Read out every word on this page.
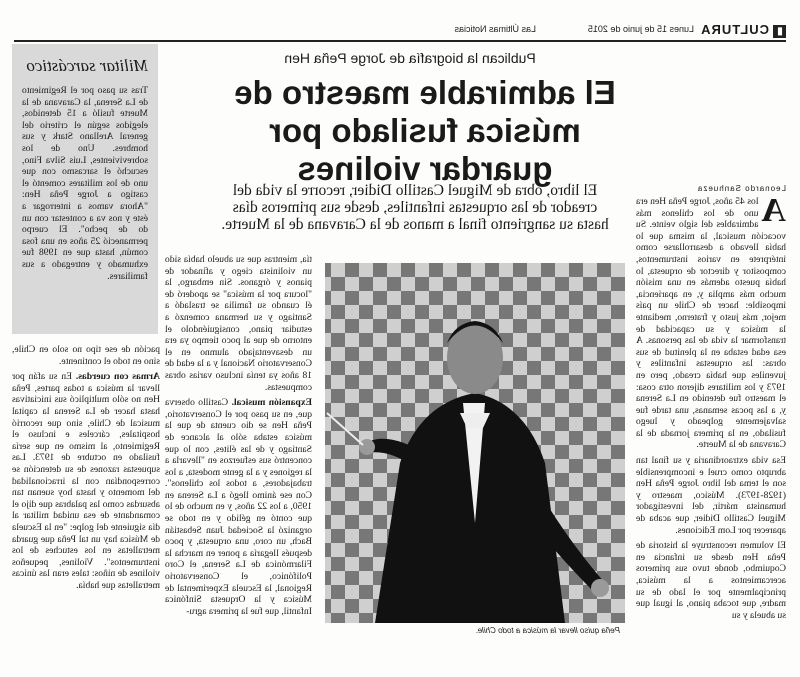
▮CULTURA
Lunes 15 de junio de 2015
Las Últimas Noticias
Publican la biografía de Jorge Peña Hen
El admirable maestro de música fusilado por guardar violines
El libro, obra de Miguel Castillo Didier, recorre la vida del creador de las orquestas infantiles, desde sus primeros días hasta su sangriento final a manos de la Caravana de la Muerte.
Leonardo Sanhueza
A

los 45 años, Jorge Peña Hen era uno de los chilenos más admirables del siglo veinte. Su vocación musical, la misma que lo había llevado a desarrollarse como intérprete en varios instrumentos, compositor y director de orquesta, lo había puesto además en una misión mucho más amplia y, en apariencia, imposible: hacer de Chile un país mejor, más justo y fraterno, mediante la música y su capacidad de transformar la vida de las personas. A esa edad estaba en la plenitud de sus obras: las orquestas infantiles y juveniles que había creado, pero en 1973 y los militares dijeron otra cosa: el maestro fue detenido en La Serena y, a las pocas semanas, una tarde fue salvajemente golpeado y luego fusilado, en la primera jornada de la Caravana de la Muerte.

Esa vida extraordinaria y su final tan abrupto como cruel e incomprensible son el tema del libro Jorge Peña Hen (1928-1973). Músico, maestro y humanista mártir, del investigador Miguel Castillo Didier, que acaba de aparecer por Lom Ediciones.

El volumen reconstruye la historia de Peña Hen desde su infancia en Coquimbo, donde tuvo sus primeros acercamientos a la música, principalmente por el lado de su madre, que tocaba piano, al igual que su abuela y su

Peña quiso llevar la música a todo Chile.

tía, mientras que su abuelo había sido un violinista ciego y afinador de pianos y órganos. Sin embargo, la "locura por la música" se apoderó de él cuando su familia se trasladó a Santiago y su hermana comenzó a estudiar piano, consiguiéndolo el entorno de que al poco tiempo ya era un desaventajado alumno en el Conservatorio Nacional y a la edad de 18 años ya tenía incluso varias obras compuestas.

Expansión musical. Castillo observa que, en su paso por el Conservatorio, Peña Hen se dio cuenta de que la música estaba sólo al alcance de Santiago y de las élites, con lo que concentró sus esfuerzos en "llevarla a la regiones y a la gente modesta, a los trabajadores, a todos los chilenos". Con ese ánimo llegó a La Serena en 1950, a los 22 años, y en mucho de lo que contó en gélido y en todo se organizó la Sociedad Juan Sebastián Bach, un coro, una orquesta, y poco después llegaría a poner en marcha la Filarmónica de La Serena, el Coro Polifónico, el Conservatorio Regional, la Escuela Experimental de Música y la Orquesta Sinfónica Infantil, que fue la primera agru-

Militar sarcástico
Tras su paso por el Regimiento de La Serena, la Caravana de la Muerte fusiló a 15 detenidos, elegidos según el criterio del general Arellano Stark y sus hombres. Uno de los sobrevivientes, Luis Silva Fino, escuchó el sarcasmo con que uno de los militares comentó el castigo a Jorge Peña Hen: "Ahora vamos a interrogar a éste y nos va a contestar con un do de pecho". El cuerpo permaneció 25 años en una fosa común, hasta que en 1998 fue exhumado y entregado a sus familiares.

pación de ese tipo no solo en Chile, sino en todo el continente.

Armas con cuerdas. En su afán por llevar la música a todas partes, Peña Hen no sólo multiplicó sus iniciativas hasta hacer de La Serena la capital musical de Chile, sino que recorrió hospitales, cárceles e incluso el Regimiento, al mismo en que sería fusilado en octubre de 1973. Las supuestas razones de su detención se correspondían con la irracionalidad del momento y hasta hoy suenan tan absurdas como las palabras que dijo el comandante de esa unidad militar al día siguiente del golpe: "en la Escuela de Música hay un tal Peña que guarda metralletas en los estuches de los instrumentos". Violines, pequeños violines de niños: tales eran las únicas metralletas que había.
